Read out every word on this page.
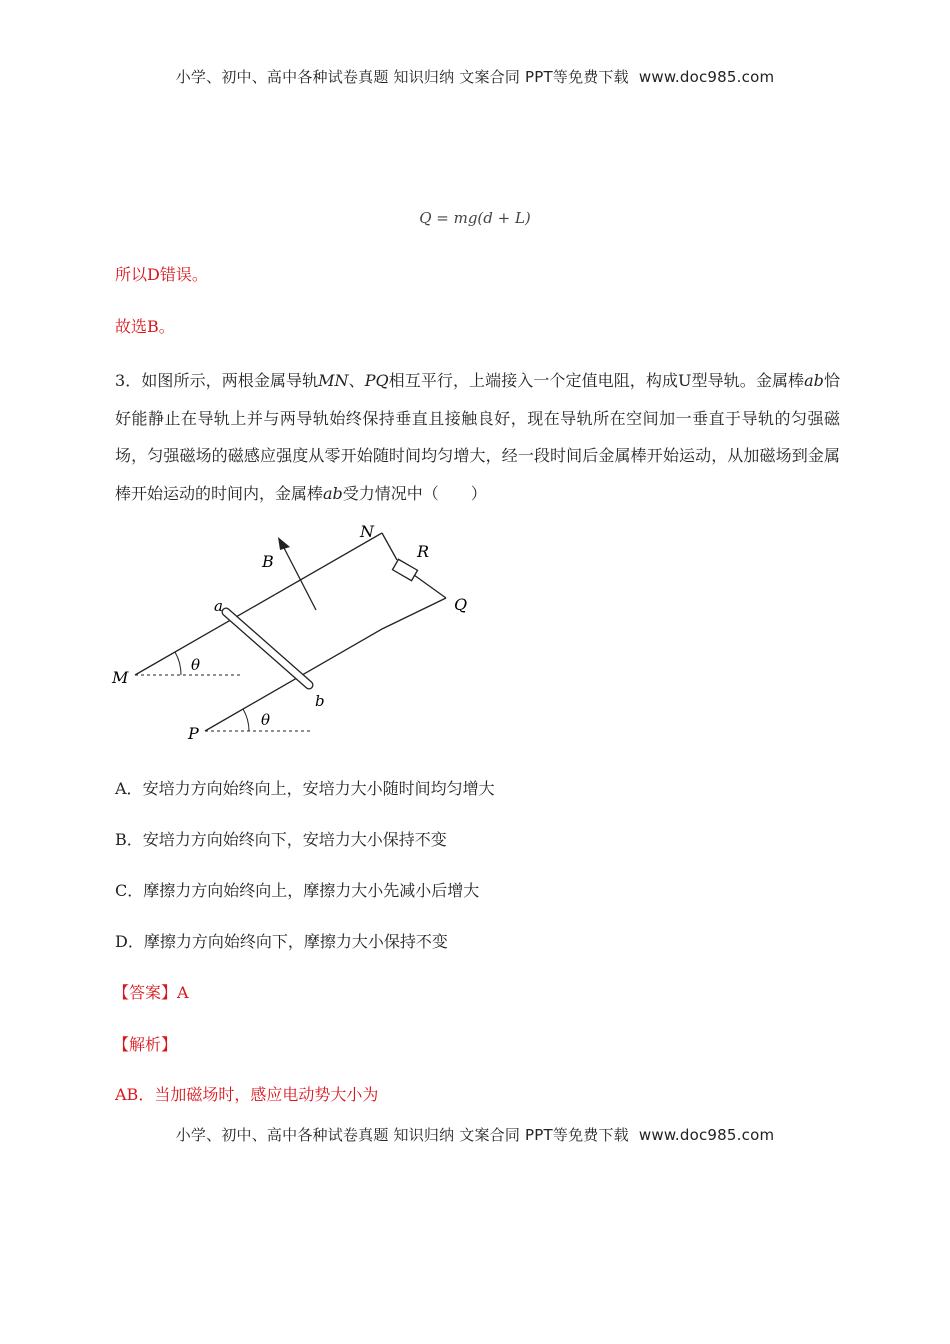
小学、初中、高中各种试卷真题 知识归纳 文案合同 PPT等免费下载 www.doc985.com
Q = mg(d + L)
所以D错误。
故选B。
3．如图所示，两根金属导轨MN、PQ相互平行，上端接入一个定值电阻，构成U型导轨。金属棒ab恰好能静止在导轨上并与两导轨始终保持垂直且接触良好，现在导轨所在空间加一垂直于导轨的匀强磁场，匀强磁场的磁感应强度从零开始随时间均匀增大，经一段时间后金属棒开始运动，从加磁场到金属棒开始运动的时间内，金属棒ab受力情况中（　　）
N
R
B
Q
a
b
M
P
θ
θ
A．安培力方向始终向上，安培力大小随时间均匀增大
B．安培力方向始终向下，安培力大小保持不变
C．摩擦力方向始终向上，摩擦力大小先减小后增大
D．摩擦力方向始终向下，摩擦力大小保持不变
【答案】A
【解析】
AB．当加磁场时，感应电动势大小为
小学、初中、高中各种试卷真题 知识归纳 文案合同 PPT等免费下载 www.doc985.com
